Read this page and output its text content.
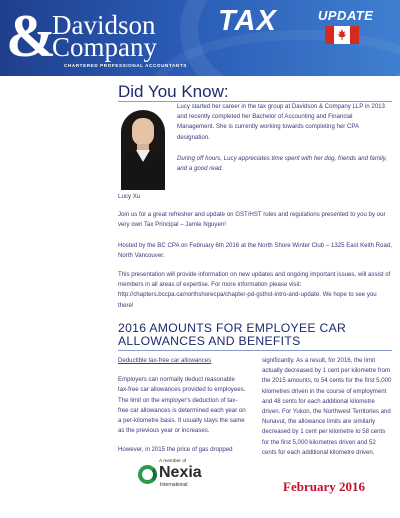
&
Davidson
Company
CHARTERED PROFESSIONAL ACCOUNTANTS
TAX	UPDATE
Did You Know:
Lucy Xu
Lucy started her career in the tax group at Davidson & Company LLP in 2013 and recently completed her Bachelor of Accounting and Financial Management. She is currently working towards completing her CPA designation.
During off hours, Lucy appreciates time spent with her dog, friends and family, and a good read.
Join us for a great refresher and update on GST/HST rules and regulations presented to you by our very own Tax Principal – Jamie Nguyen!
Hosted by the BC CPA on February 6th 2016 at the North Shore Winter Club – 1325 East Keith Road, North Vancouver.
This presentation will provide information on new updates and ongoing important issues, will assist of members in all areas of expertise. For more information please visit: http://chapters.bccpa.ca/northshorecpa/chapter-pd-gsthst-intro-and-update. We hope to see you there!
2016 AMOUNTS FOR EMPLOYEE CAR ALLOWANCES AND BENEFITS

Deductible tax-free car allowances

Employers can normally deduct reasonable tax-free car allowances provided to employees. The limit on the employer's deduction of tax-free car allowances is determined each year on a per-kilometre basis. It usually stays the same as the previous year or increases.

However, in 2015 the price of gas dropped

significantly. As a result, for 2016, the limit actually decreased by 1 cent per kilometre from the 2015 amounts, to 54 cents for the first 5,000 kilometres driven in the course of employment and 48 cents for each additional kilometre driven. For Yukon, the Northwest Territories and Nunavut, the allowance limits are similarly decreased by 1 cent per kilometre to 58 cents for the first 5,000 kilometres driven and 52 cents for each additional kilometre driven.

A member of
Nexia
International	February 2016
